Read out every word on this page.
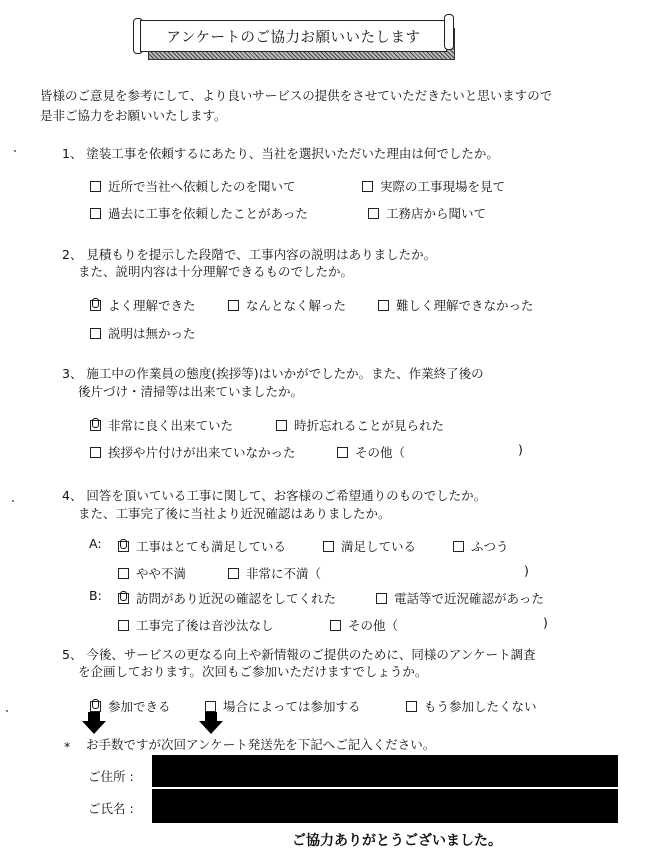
アンケートのご協力お願いいたします
皆様のご意見を参考にして、より良いサービスの提供をさせていただきたいと思いますので
是非ご協力をお願いいたします。
1、 塗装工事を依頼するにあたり、当社を選択いただいた理由は何でしたか。
近所で当社へ依頼したのを聞いて	実際の工事現場を見て
過去に工事を依頼したことがあった	工務店から聞いて
2、 見積もりを提示した段階で、工事内容の説明はありましたか。
また、説明内容は十分理解できるものでしたか。
よく理解できた	なんとなく解った	難しく理解できなかった
説明は無かった
3、 施工中の作業員の態度(挨拶等)はいかがでしたか。また、作業終了後の
後片づけ・清掃等は出来ていましたか。
非常に良く出来ていた	時折忘れることが見られた
挨拶や片付けが出来ていなかった	その他（	)
4、 回答を頂いている工事に関して、お客様のご希望通りのものでしたか。
また、工事完了後に当社より近況確認はありましたか。
A:	工事はとても満足している	満足している	ふつう
やや不満	非常に不満（	)
B:	訪問があり近況の確認をしてくれた	電話等で近況確認があった
工事完了後は音沙汰なし	その他（	)
5、 今後、サービスの更なる向上や新情報のご提供のために、同様のアンケート調査
を企画しております。次回もご参加いただけますでしょうか。
参加できる	場合によっては参加する	もう参加したくない
* お手数ですが次回アンケート発送先を下記へご記入ください。
ご住所 :
ご氏名 :
ご協力ありがとうございました。
